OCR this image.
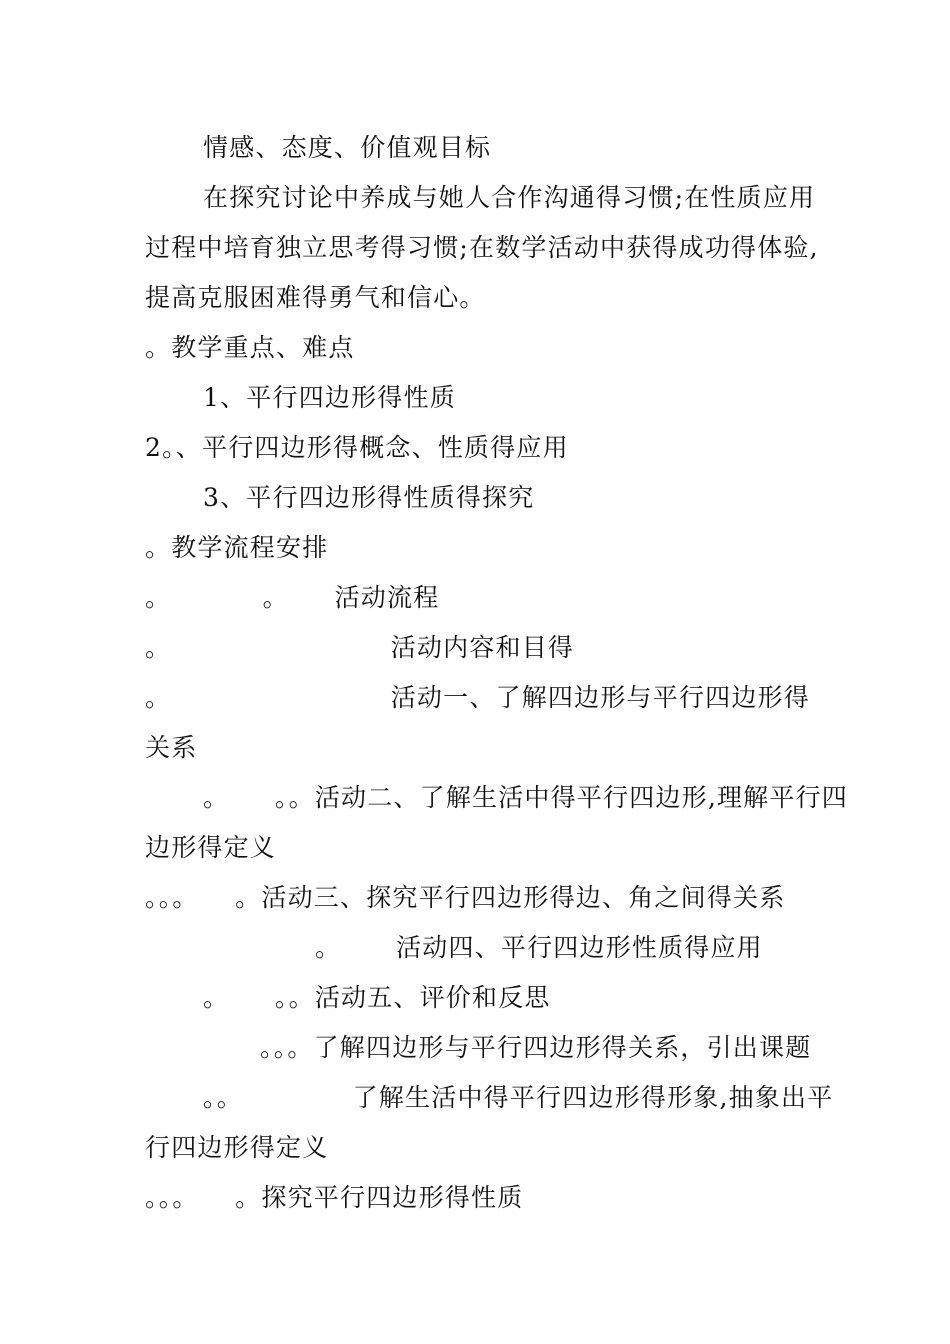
情感、态度、价值观目标
在探究讨论中养成与她人合作沟通得习惯;在性质应用
过程中培育独立思考得习惯;在数学活动中获得成功得体验,
提高克服困难得勇气和信心。
。教学重点、难点
1、平行四边形得性质
2。、平行四边形得概念、性质得应用
3、平行四边形得性质得探究
。教学流程安排
。          。     活动流程
。                        活动内容和目得
。                        活动一、了解四边形与平行四边形得
关系
。     。。活动二、了解生活中得平行四边形,理解平行四
边形得定义
。。。    。活动三、探究平行四边形得边、角之间得关系
。      活动四、平行四边形性质得应用
。     。。活动五、评价和反思
。。。了解四边形与平行四边形得关系，引出课题
。。            了解生活中得平行四边形得形象,抽象出平
行四边形得定义
。。。    。探究平行四边形得性质
